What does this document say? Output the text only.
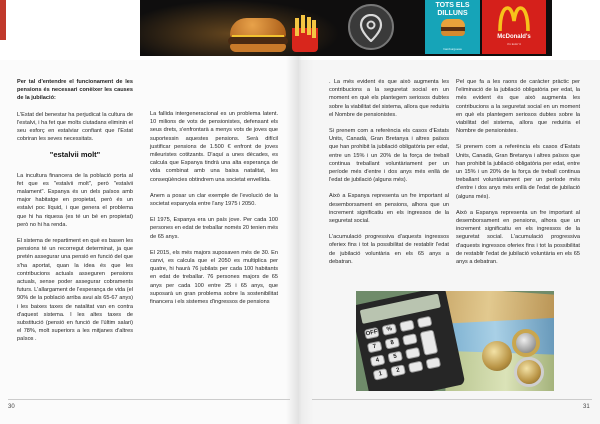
TOTS ELS DILLUNS
hamburguesa
McDonald's
i'm lovin' it

Per tal d'entendre el funcionament de les pensions és necessari conèixer les causes de la jubilació:

L'Estat del benestar ha perjudicat la cultura de l'estalvi, i ha fet que molts ciutadans eliminin el seu esforç en estalviar confiant que l'Estat cobriran les seves necessitats.

"estalvii molt"

La incultura financera de la població porta al fet que es "estalvii molt", però "estalvii malament". Espanya és un dels països amb major habitatge en propietat, però és un estalvi poc líquid, i que genera el problema que hi ha riquesa (es té un bé en propietat) però no hi ha renda.

El sistema de repartiment en què es basen les pensions té un recorregut determinat, ja que pretén assegurar una pensió en funció del que s'ha aportat, quan la idea és que les contribucions actuals asseguren pensions actuals, sense poder assegurar cobraments futurs. L'allargament de l'esperança de vida (el 90% de la població arriba avui als 65-67 anys) i les baixes taxes de natalitat van en contra d'aquest sistema. I les altes taxes de substitució (pensió en funció de l'últim salari) el 78%, molt superiors a les mitjanes d'altres països .

La fallida intergeneracional es un problema latent. 10 milions de vots de pensionistes, defensant els seus drets, s'enfrontarà a menys vots de joves que suportessin aquestes pensions. Serà difícil justificar pensions de 1.500 € enfront de joves mileuristes cotitzants. D'aquí a unes dècades, es calcula que Espanya tindrà una alta esperança de vida combinat amb una baixa natalitat, les conseqüències obtindrem una societat envellida.

Anem a posar un clar exemple de l'evolució de la societat espanyola entre l'any 1975 i 2050.

El 1975, Espanya era un país jove. Per cada 100 persones en edat de treballar només 20 tenien més de 65 anys.

El 2015, els més majors suposaven més de 30. En canvi, es calcula que el 2050 es multiplica per quatre, hi haurà 76 jubilats per cada 100 habitants en edat de treballar. 76 persones majors de 65 anys per cada 100 entre 25 i 65 anys, que suposarà un gran problema sobre la sostenibilitat financera i els sistemes d'ingressos de pensions

. La més evident és que això augmenta les contribucions a la seguretat social en un moment en què els plantegem seriosos dubtes sobre la viabilitat del sistema, allora que reduiria el Nombre de pensionistes.

Si prenem com a referència els casos d'Estats Units, Canadà, Gran Bretanya i altres països que han prohibit la jubilació obligatòria per edat, entre un 15% i un 20% de la força de treball continua treballant voluntàriament per un període més d'entre i dos anys més enllà de l'edat de jubilació (alguns més).

Això a Espanya representa un fre important al desemborsament en pensions, alhora que un increment significatiu en els ingressos de la seguretat social.

L'acumulació progressiva d'aquests ingressos oferiex fins i tot la possibilitat de restablir l'edat de jubilació voluntària en els 65 anys a debatran.

Pel que fa a les raons de caràcter pràctic per l'eliminació de la jubilació obligatòria per edat, la més evident és que això augmenta les contribucions a la seguretat social en un moment en què els plantegem seriosos dubtes sobre la viabilitat del sistema, allora que reduiria el Nombre de pensionistes.

Si prenem com a referència els casos d'Estats Units, Canadà, Gran Bretanya i altres països que han prohibit la jubilació obligatòria per edat, entre un 15% i un 20% de la força de treball continua treballant voluntàriament per un període més d'entre i dos anys més enllà de l'edat de jubilació (alguns més).

Això a Espanya representa un fre important al desemborsament en pensions, alhora que un increment significatiu en els ingressos de la seguretat social. L'acumulació progressiva d'aquests ingressos oferiex fins i tot la possibilitat de restablir l'edat de jubilació voluntària en els 65 anys a debatran.

OFF	%
7
8
4
5
1
2
30	31
